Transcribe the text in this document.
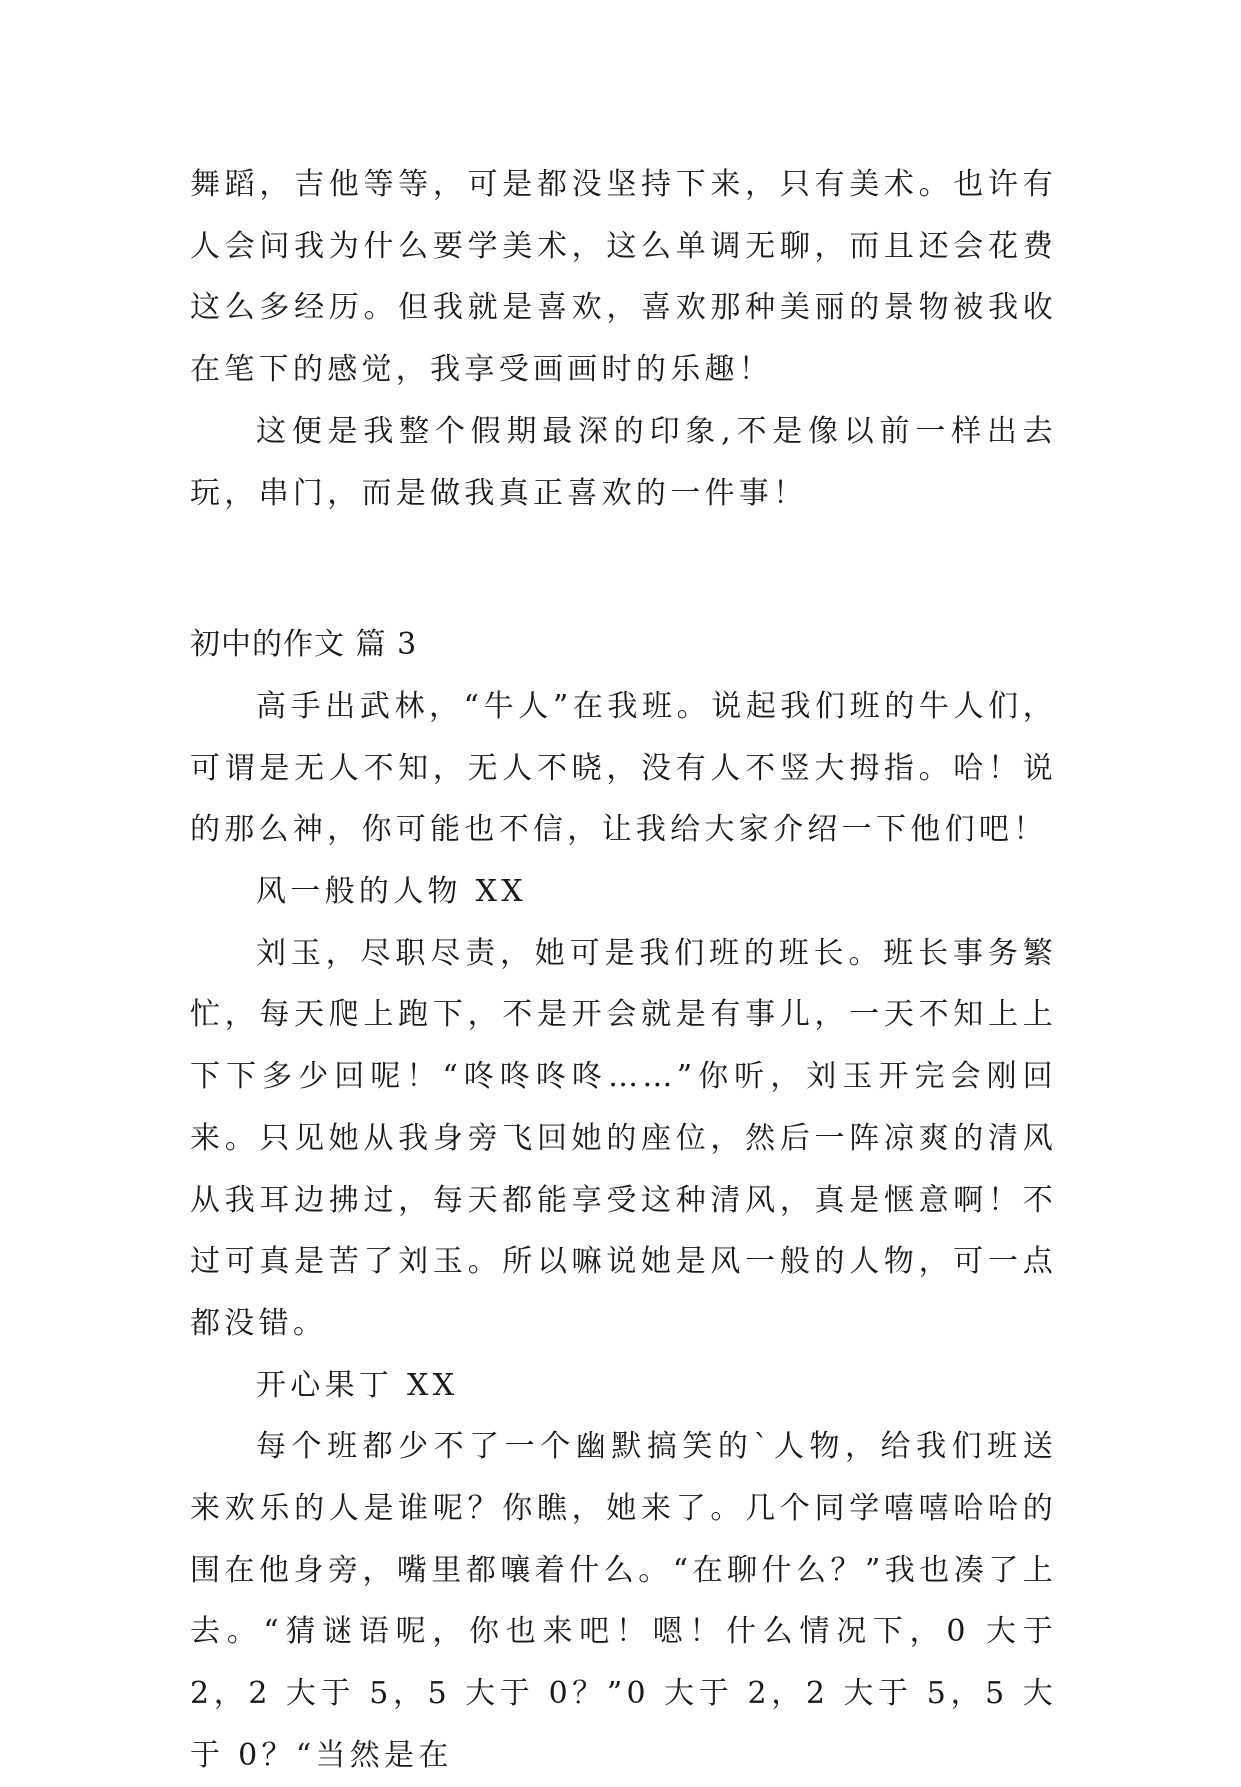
舞蹈，吉他等等，可是都没坚持下来，只有美术。也许有人会问我为什么要学美术，这么单调无聊，而且还会花费这么多经历。但我就是喜欢，喜欢那种美丽的景物被我收在笔下的感觉，我享受画画时的乐趣！

这便是我整个假期最深的印象,不是像以前一样出去玩，串门，而是做我真正喜欢的一件事！

初中的作文 篇 3

高手出武林，“牛人”在我班。说起我们班的牛人们，可谓是无人不知，无人不晓，没有人不竖大拇指。哈！说的那么神，你可能也不信，让我给大家介绍一下他们吧！

风一般的人物 XX

刘玉，尽职尽责，她可是我们班的班长。班长事务繁忙，每天爬上跑下，不是开会就是有事儿，一天不知上上下下多少回呢！“咚咚咚咚……”你听，刘玉开完会刚回来。只见她从我身旁飞回她的座位，然后一阵凉爽的清风从我耳边拂过，每天都能享受这种清风，真是惬意啊！不过可真是苦了刘玉。所以嘛说她是风一般的人物，可一点都没错。

开心果丁 XX

每个班都少不了一个幽默搞笑的`人物，给我们班送来欢乐的人是谁呢？你瞧，她来了。几个同学嘻嘻哈哈的围在他身旁，嘴里都嚷着什么。“在聊什么？”我也凑了上去。“猜谜语呢，你也来吧！嗯！什么情况下，0 大于 2，2 大于 5，5 大于 0？”0 大于 2，2 大于 5，5 大于 0？“当然是在
